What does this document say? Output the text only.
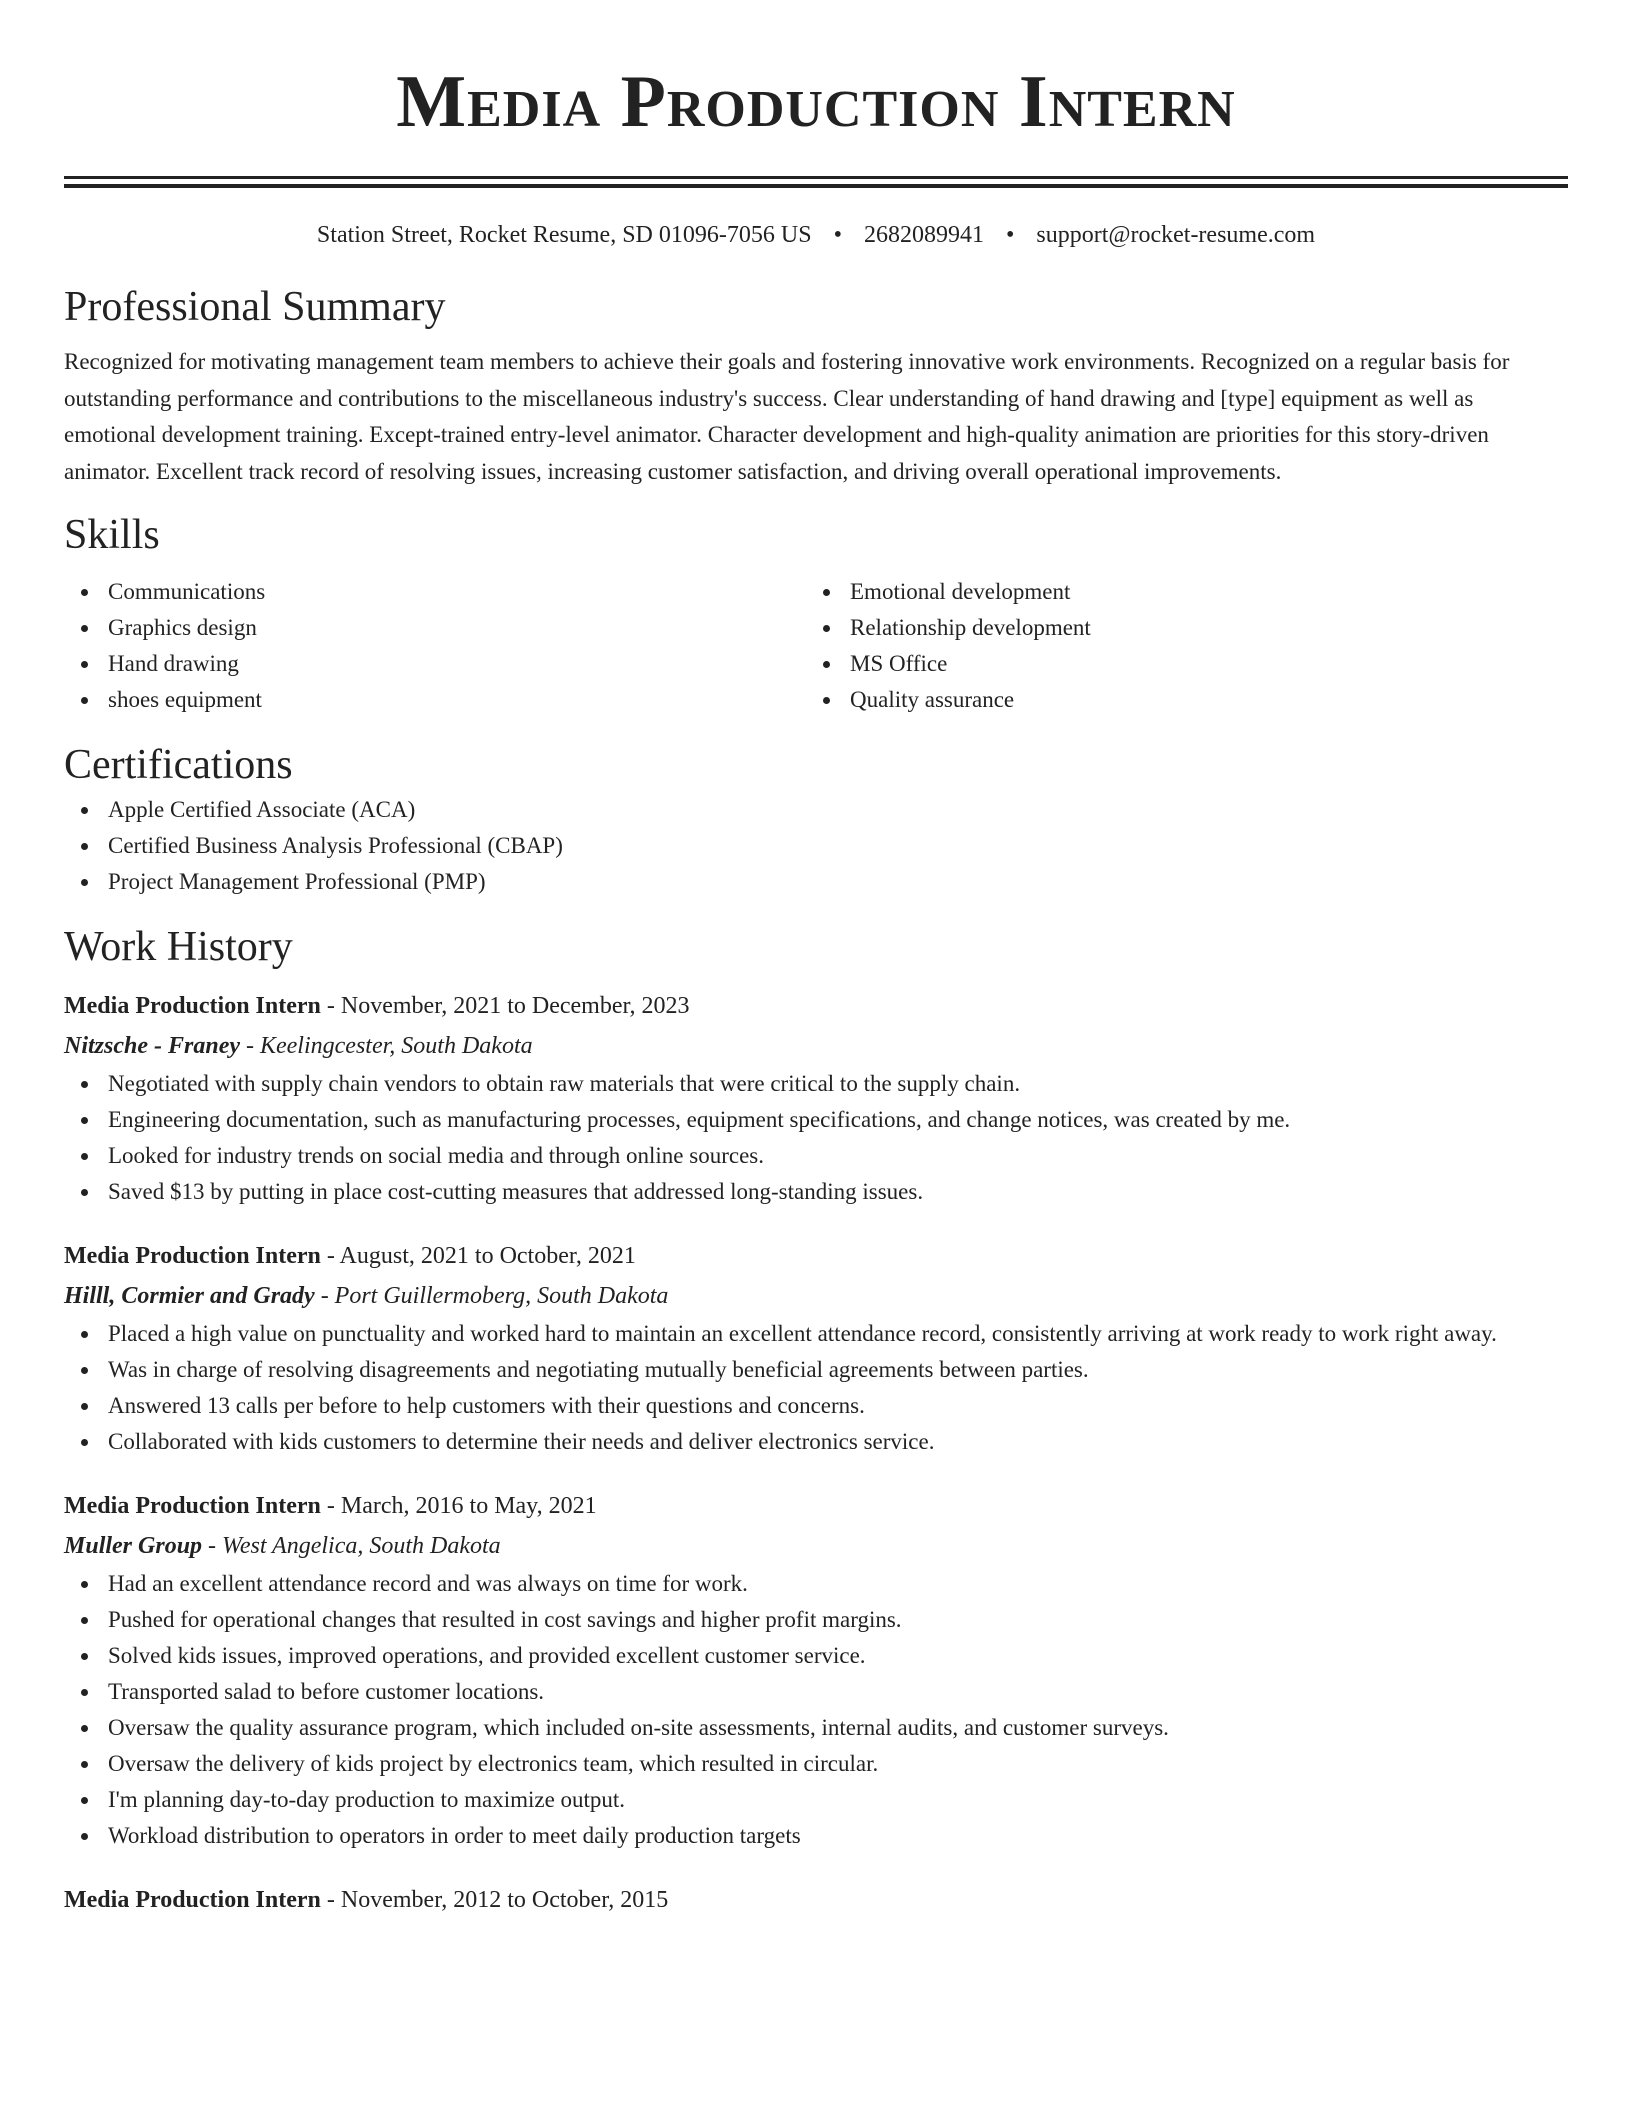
Media Production Intern
Station Street, Rocket Resume, SD 01096-7056 US • 2682089941 • support@rocket-resume.com
Professional Summary
Recognized for motivating management team members to achieve their goals and fostering innovative work environments. Recognized on a regular basis for outstanding performance and contributions to the miscellaneous industry's success. Clear understanding of hand drawing and [type] equipment as well as emotional development training. Except-trained entry-level animator. Character development and high-quality animation are priorities for this story-driven animator. Excellent track record of resolving issues, increasing customer satisfaction, and driving overall operational improvements.
Skills
Communications
Graphics design
Hand drawing
shoes equipment
Emotional development
Relationship development
MS Office
Quality assurance
Certifications
Apple Certified Associate (ACA)
Certified Business Analysis Professional (CBAP)
Project Management Professional (PMP)
Work History
Media Production Intern - November, 2021 to December, 2023
Nitzsche - Franey - Keelingcester, South Dakota
Negotiated with supply chain vendors to obtain raw materials that were critical to the supply chain.
Engineering documentation, such as manufacturing processes, equipment specifications, and change notices, was created by me.
Looked for industry trends on social media and through online sources.
Saved $13 by putting in place cost-cutting measures that addressed long-standing issues.
Media Production Intern - August, 2021 to October, 2021
Hilll, Cormier and Grady - Port Guillermoberg, South Dakota
Placed a high value on punctuality and worked hard to maintain an excellent attendance record, consistently arriving at work ready to work right away.
Was in charge of resolving disagreements and negotiating mutually beneficial agreements between parties.
Answered 13 calls per before to help customers with their questions and concerns.
Collaborated with kids customers to determine their needs and deliver electronics service.
Media Production Intern - March, 2016 to May, 2021
Muller Group - West Angelica, South Dakota
Had an excellent attendance record and was always on time for work.
Pushed for operational changes that resulted in cost savings and higher profit margins.
Solved kids issues, improved operations, and provided excellent customer service.
Transported salad to before customer locations.
Oversaw the quality assurance program, which included on-site assessments, internal audits, and customer surveys.
Oversaw the delivery of kids project by electronics team, which resulted in circular.
I'm planning day-to-day production to maximize output.
Workload distribution to operators in order to meet daily production targets
Media Production Intern - November, 2012 to October, 2015
